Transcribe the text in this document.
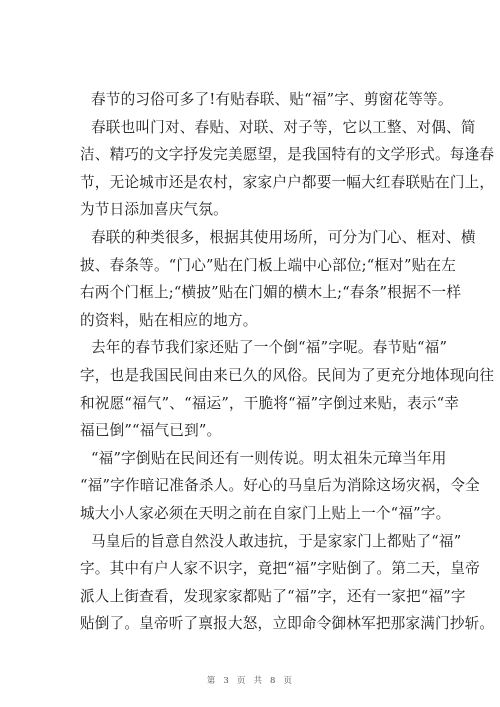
春节的习俗可多了!有贴春联、贴“福”字、剪窗花等等。
春联也叫门对、春贴、对联、对子等，它以工整、对偶、简
洁、精巧的文字抒发完美愿望，是我国特有的文学形式。每逢春
节，无论城市还是农村，家家户户都要一幅大红春联贴在门上，
为节日添加喜庆气氛。
春联的种类很多，根据其使用场所，可分为门心、框对、横
披、春条等。“门心”贴在门板上端中心部位;“框对”贴在左
右两个门框上;“横披”贴在门媚的横木上;“春条”根据不一样
的资料，贴在相应的地方。
去年的春节我们家还贴了一个倒“福”字呢。春节贴“福”
字，也是我国民间由来已久的风俗。民间为了更充分地体现向往
和祝愿“福气”、“福运”，干脆将“福”字倒过来贴，表示“幸
福已倒”“福气已到”。
“福”字倒贴在民间还有一则传说。明太祖朱元璋当年用
“福”字作暗记准备杀人。好心的马皇后为消除这场灾祸，令全
城大小人家必须在天明之前在自家门上贴上一个“福”字。
马皇后的旨意自然没人敢违抗，于是家家门上都贴了“福”
字。其中有户人家不识字，竟把“福”字贴倒了。第二天，皇帝
派人上街查看，发现家家都贴了“福”字，还有一家把“福”字
贴倒了。皇帝听了禀报大怒，立即命令御林军把那家满门抄斩。
第 3 页 共 8 页
